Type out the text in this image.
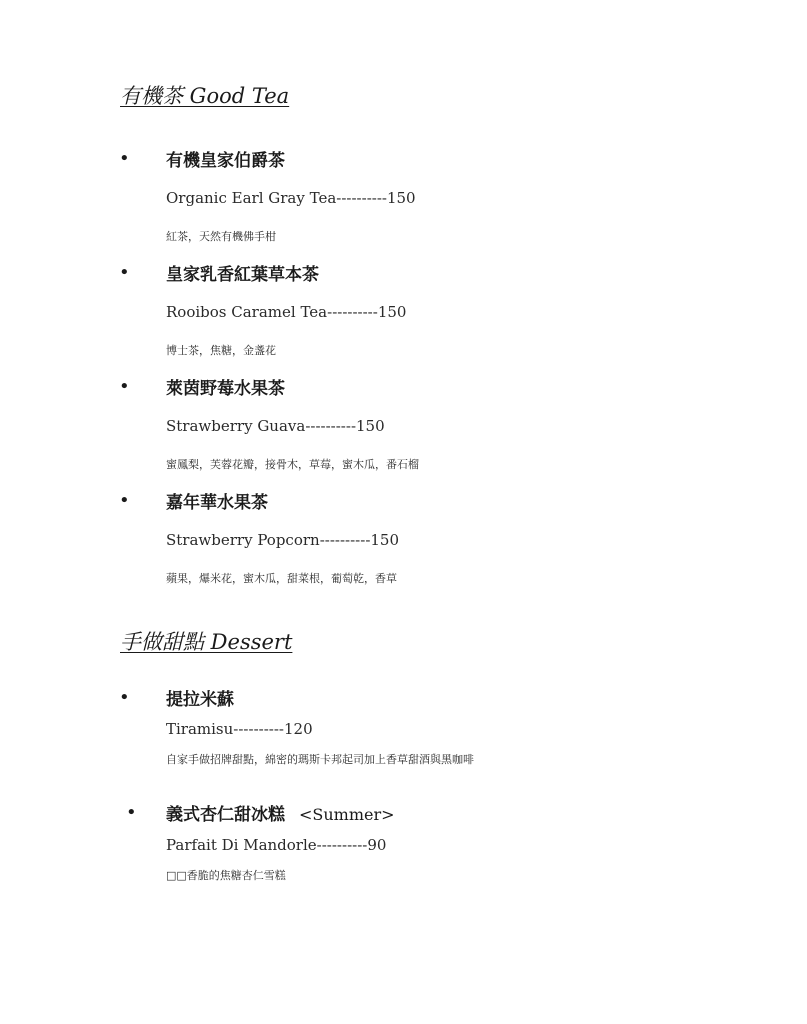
有機茶 Good Tea
• 有機皇家伯爵茶
Organic Earl Gray Tea----------150
紅茶，天然有機佛手柑
• 皇家乳香紅葉草本茶
Rooibos Caramel Tea----------150
博士茶，焦糖，金盞花
• 萊茵野莓水果茶
Strawberry Guava----------150
蜜鳳梨，芙蓉花瓣，接骨木，草莓，蜜木瓜，番石榴
• 嘉年華水果茶
Strawberry Popcorn----------150
蘋果，爆米花，蜜木瓜，甜菜根，葡萄乾，香草
手做甜點 Dessert
• 提拉米蘇
Tiramisu----------120
自家手做招牌甜點，綿密的瑪斯卡邦起司加上香草甜酒與黑咖啡
• 義式杏仁甜冰糕 <Summer>
Parfait Di Mandorle----------90
□□香脆的焦糖杏仁雪糕
